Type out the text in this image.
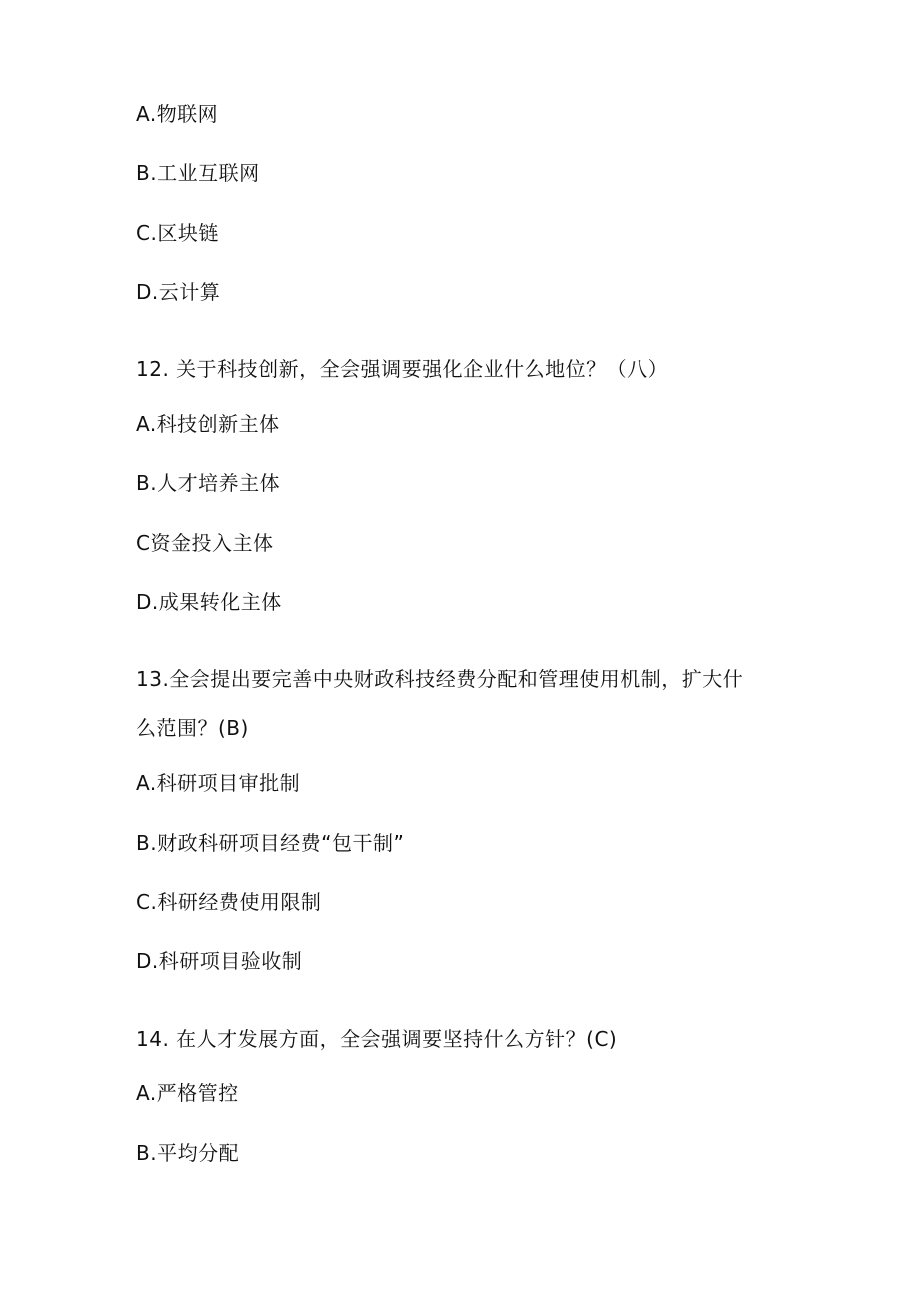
A.物联网
B.工业互联网
C.区块链
D.云计算
12. 关于科技创新，全会强调要强化企业什么地位？（八）
A.科技创新主体
B.人才培养主体
C资金投入主体
D.成果转化主体
13.全会提出要完善中央财政科技经费分配和管理使用机制，扩大什
么范围？(B)
A.科研项目审批制
B.财政科研项目经费“包干制”
C.科研经费使用限制
D.科研项目验收制
14. 在人才发展方面，全会强调要坚持什么方针？(C)
A.严格管控
B.平均分配
